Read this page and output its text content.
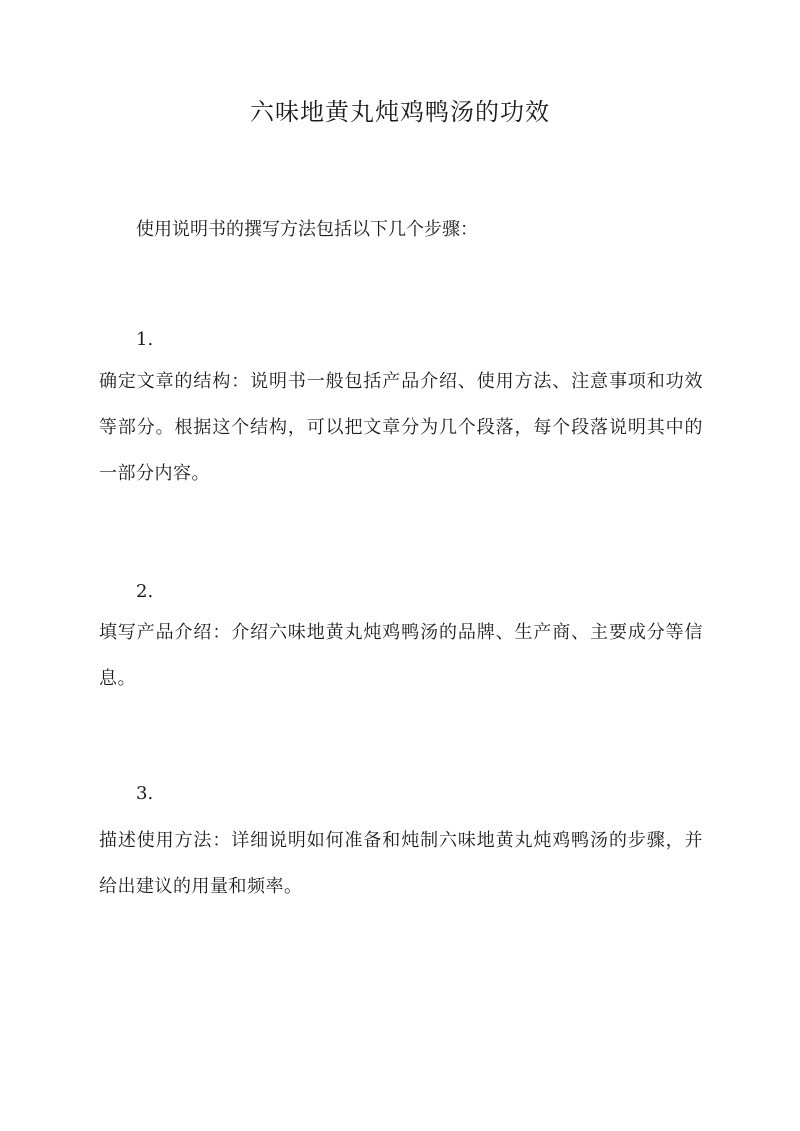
六味地黄丸炖鸡鸭汤的功效

使用说明书的撰写方法包括以下几个步骤：

1.

确定文章的结构：说明书一般包括产品介绍、使用方法、注意事项和功效等部分。根据这个结构，可以把文章分为几个段落，每个段落说明其中的一部分内容。

2.

填写产品介绍：介绍六味地黄丸炖鸡鸭汤的品牌、生产商、主要成分等信息。

3.

描述使用方法：详细说明如何准备和炖制六味地黄丸炖鸡鸭汤的步骤，并给出建议的用量和频率。
